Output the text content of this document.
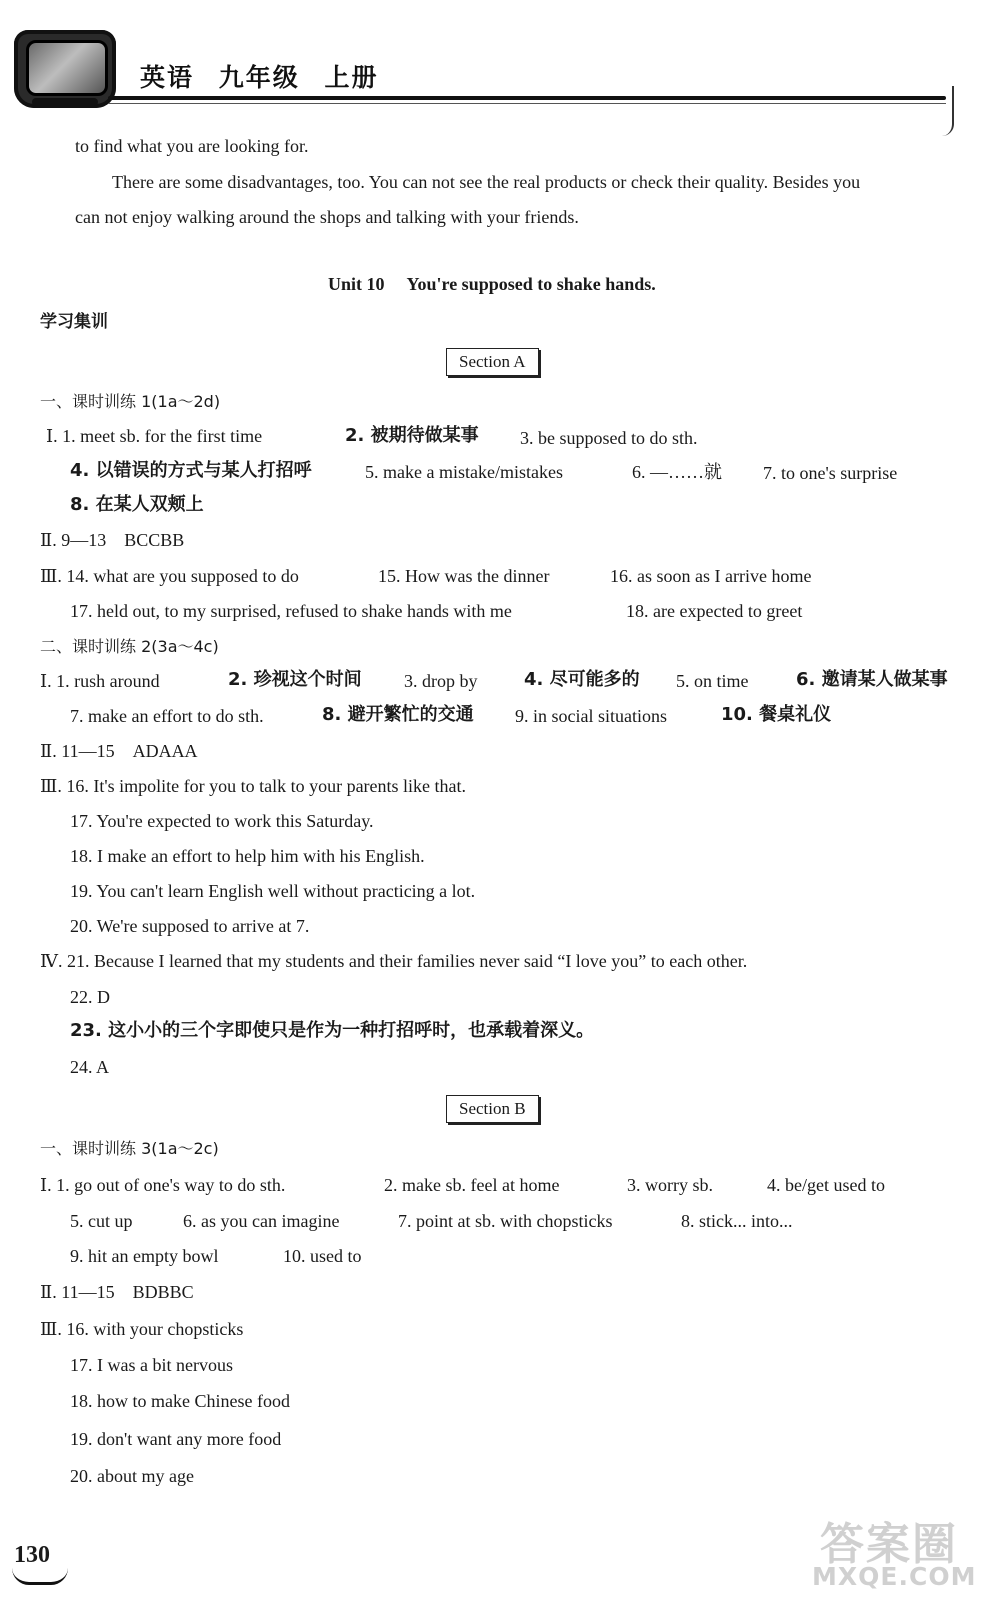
英语 九年级 上册
to find what you are looking for.
There are some disadvantages, too. You can not see the real products or check their quality. Besides you
can not enjoy walking around the shops and talking with your friends.
Unit 10 You're supposed to shake hands.
学习集训
Section A
一、课时训练 1(1a～2d)
Ⅰ. 1. meet sb. for the first time	2. 被期待做某事 3. be supposed to do sth.
4. 以错误的方式与某人打招呼	5. make a mistake/mistakes	6. —……就 7. to one's surprise
8. 在某人双颊上
Ⅱ. 9—13　BCCBB
Ⅲ. 14. what are you supposed to do	15. How was the dinner	16. as soon as I arrive home
17. held out, to my surprised, refused to shake hands with me	18. are expected to greet
二、课时训练 2(3a～4c)
Ⅰ. 1. rush around	2. 珍视这个时间 3. drop by	4. 尽可能多的 5. on time	6. 邀请某人做某事
7. make an effort to do sth.	8. 避开繁忙的交通 9. in social situations	10. 餐桌礼仪
Ⅱ. 11—15　ADAAA
Ⅲ. 16. It's impolite for you to talk to your parents like that.
17. You're expected to work this Saturday.
18. I make an effort to help him with his English.
19. You can't learn English well without practicing a lot.
20. We're supposed to arrive at 7.
Ⅳ. 21. Because I learned that my students and their families never said “I love you” to each other.
22. D
23. 这小小的三个字即使只是作为一种打招呼时，也承载着深义。
24. A
Section B
一、课时训练 3(1a～2c)
Ⅰ. 1. go out of one's way to do sth.	2. make sb. feel at home	3. worry sb.	4. be/get used to
5. cut up	6. as you can imagine	7. point at sb. with chopsticks	8. stick... into...
9. hit an empty bowl	10. used to
Ⅱ. 11—15　BDBBC
Ⅲ. 16. with your chopsticks
17. I was a bit nervous
18. how to make Chinese food
19. don't want any more food
20. about my age
130	答案圈
MXQE.COM
